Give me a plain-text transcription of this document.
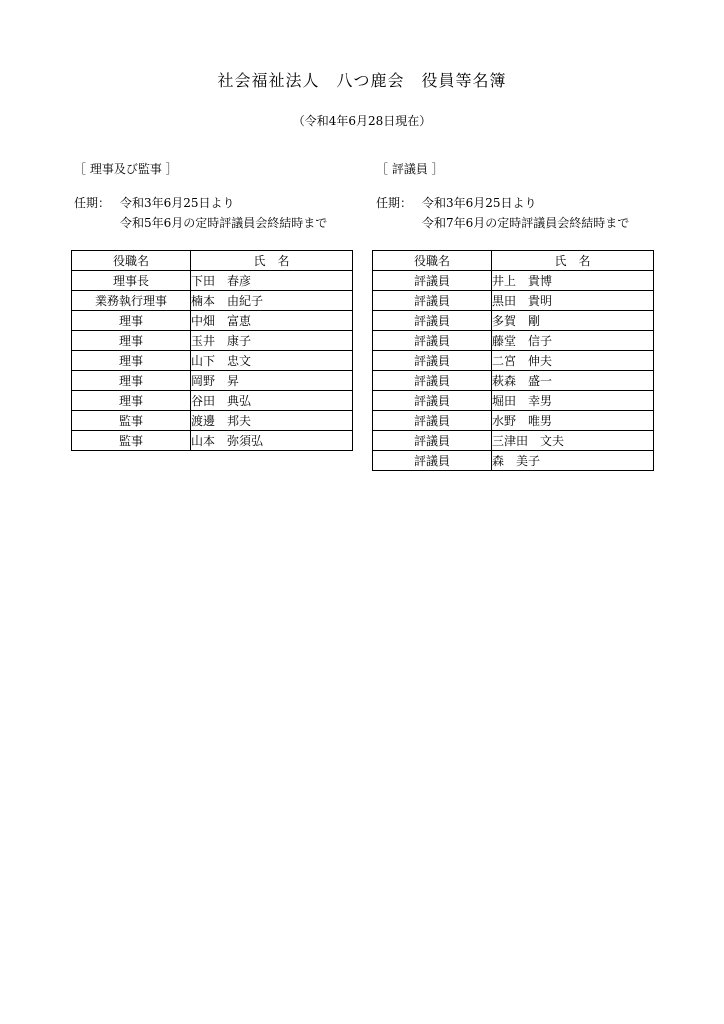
社会福祉法人　八つ鹿会　役員等名簿
（令和4年6月28日現在）
［ 理事及び監事 ］
任期： 令和3年6月25日より
令和5年6月の定時評議員会終結時まで
役職名	氏　名
理事長	下田　春彦
業務執行理事	楠本　由紀子
理事	中畑　富恵
理事	玉井　康子
理事	山下　忠文
理事	岡野　昇
理事	谷田　典弘
監事	渡邊　邦夫
監事	山本　弥須弘
［ 評議員 ］
任期： 令和3年6月25日より
令和7年6月の定時評議員会終結時まで
役職名	氏　名
評議員	井上　貴博
評議員	黒田　貴明
評議員	多賀　剛
評議員	藤堂　信子
評議員	二宮　伸夫
評議員	萩森　盛一
評議員	堀田　幸男
評議員	水野　唯男
評議員	三津田　文夫
評議員	森　美子
